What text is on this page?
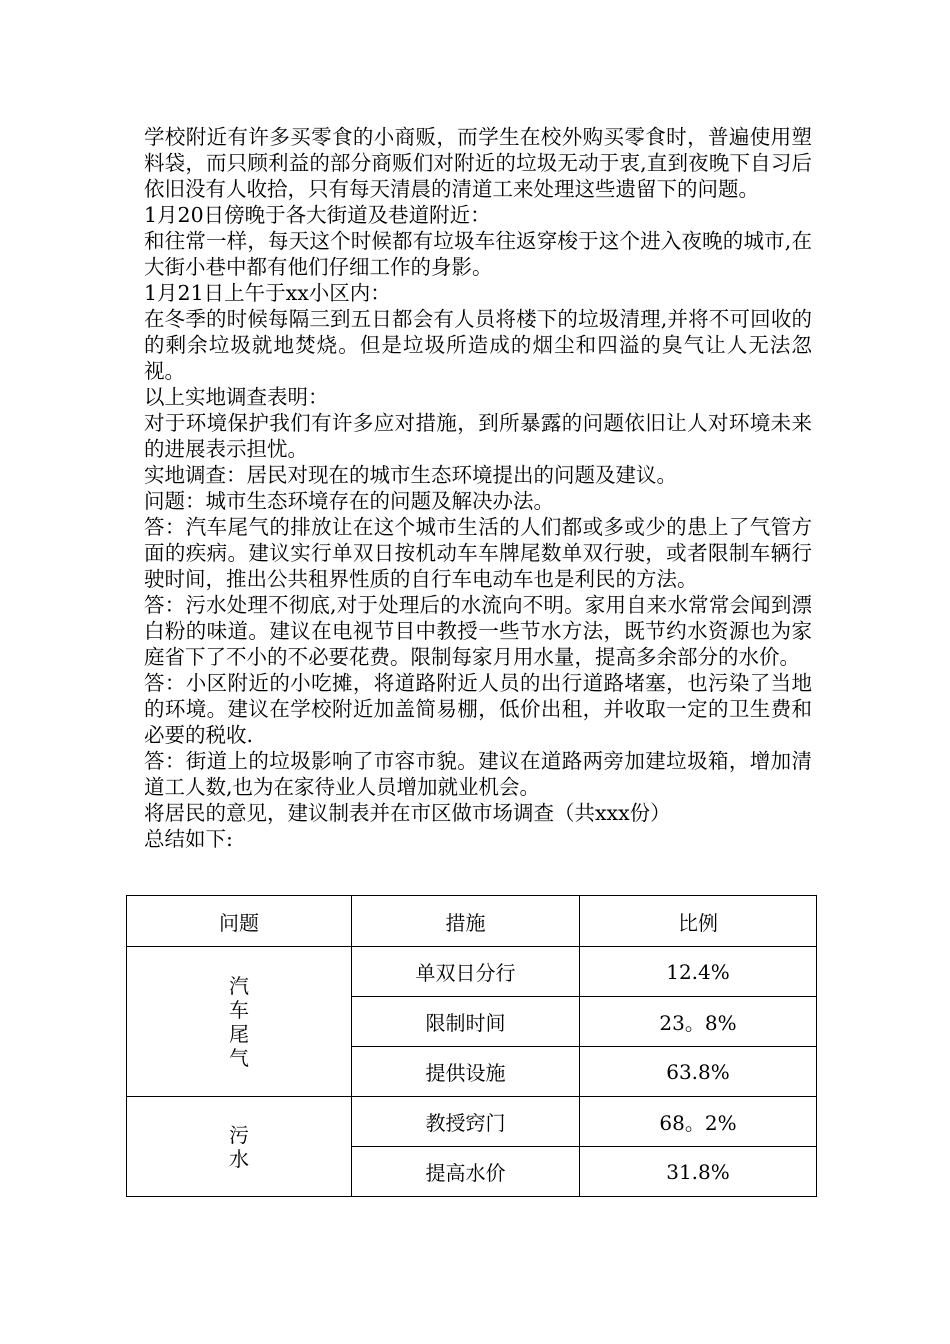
学校附近有许多买零食的小商贩，而学生在校外购买零食时，普遍使用塑料袋，而只顾利益的部分商贩们对附近的垃圾无动于衷,直到夜晚下自习后依旧没有人收拾，只有每天清晨的清道工来处理这些遗留下的问题。

1月20日傍晚于各大街道及巷道附近：

和往常一样，每天这个时候都有垃圾车往返穿梭于这个进入夜晚的城市,在大街小巷中都有他们仔细工作的身影。

1月21日上午于xx小区内：

在冬季的时候每隔三到五日都会有人员将楼下的垃圾清理,并将不可回收的的剩余垃圾就地焚烧。但是垃圾所造成的烟尘和四溢的臭气让人无法忽视。

以上实地调查表明：

对于环境保护我们有许多应对措施，到所暴露的问题依旧让人对环境未来的进展表示担忧。

实地调查：居民对现在的城市生态环境提出的问题及建议。

问题：城市生态环境存在的问题及解决办法。

答：汽车尾气的排放让在这个城市生活的人们都或多或少的患上了气管方面的疾病。建议实行单双日按机动车车牌尾数单双行驶，或者限制车辆行驶时间，推出公共租界性质的自行车电动车也是利民的方法。

答：污水处理不彻底,对于处理后的水流向不明。家用自来水常常会闻到漂白粉的味道。建议在电视节目中教授一些节水方法，既节约水资源也为家庭省下了不小的不必要花费。限制每家月用水量，提高多余部分的水价。

答：小区附近的小吃摊，将道路附近人员的出行道路堵塞，也污染了当地的环境。建议在学校附近加盖简易棚，低价出租，并收取一定的卫生费和必要的税收.

答：街道上的垃圾影响了市容市貌。建议在道路两旁加建垃圾箱，增加清道工人数,也为在家待业人员增加就业机会。

将居民的意见，建议制表并在市区做市场调查（共xxx份）

总结如下:

问题	措施	比例
汽车尾气	单双日分行	12.4%
	限制时间	23。8%
	提供设施	63.8%
污水	教授窍门	68。2%
	提高水价	31.8%
